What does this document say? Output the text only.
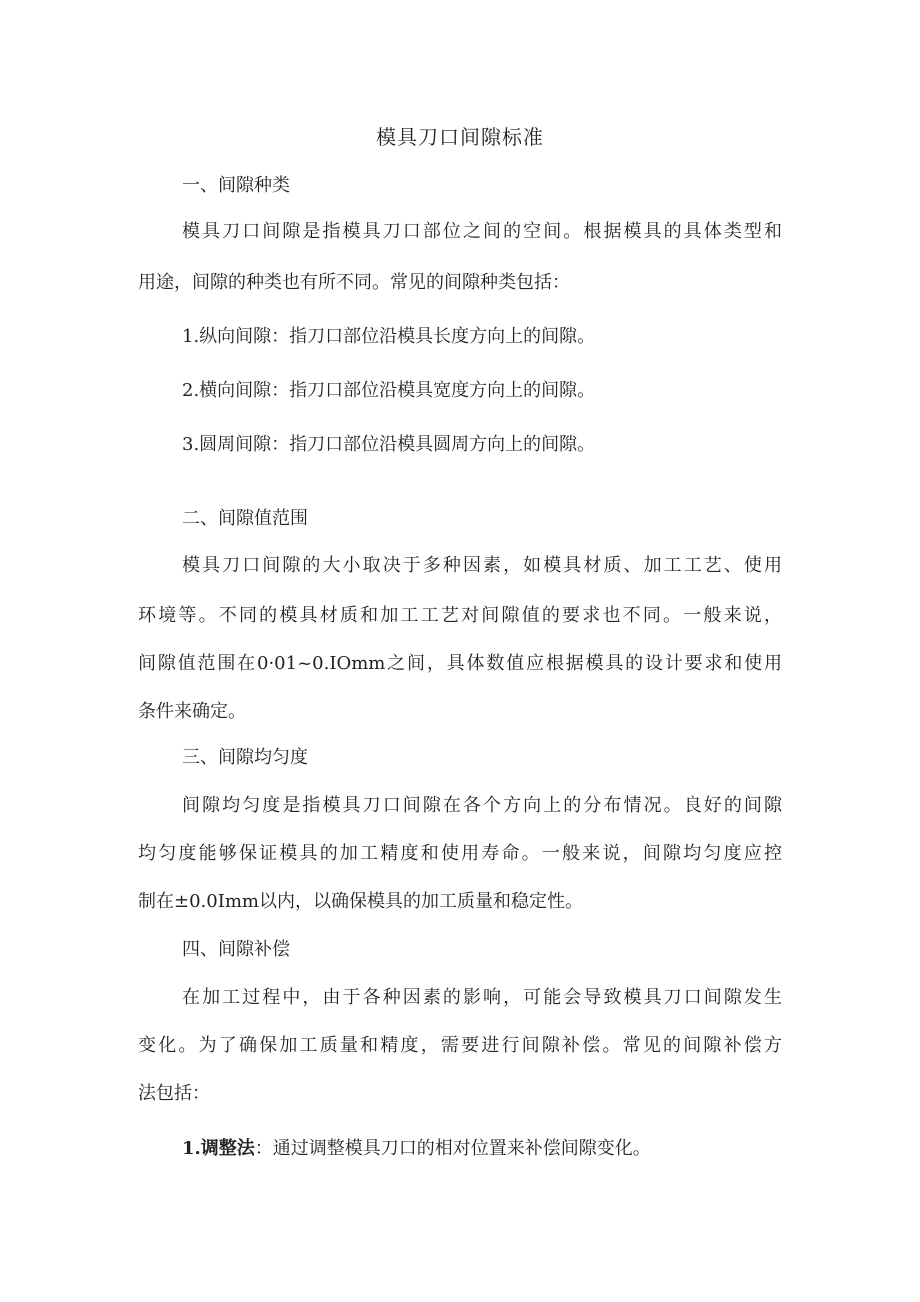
模具刀口间隙标准
一、间隙种类
模具刀口间隙是指模具刀口部位之间的空间。根据模具的具体类型和
用途，间隙的种类也有所不同。常见的间隙种类包括：
1.纵向间隙：指刀口部位沿模具长度方向上的间隙。
2.横向间隙：指刀口部位沿模具宽度方向上的间隙。
3.圆周间隙：指刀口部位沿模具圆周方向上的间隙。
二、间隙值范围
模具刀口间隙的大小取决于多种因素，如模具材质、加工工艺、使用
环境等。不同的模具材质和加工工艺对间隙值的要求也不同。一般来说，
间隙值范围在0·01~0.IOmm之间，具体数值应根据模具的设计要求和使用
条件来确定。
三、间隙均匀度
间隙均匀度是指模具刀口间隙在各个方向上的分布情况。良好的间隙
均匀度能够保证模具的加工精度和使用寿命。一般来说，间隙均匀度应控
制在±0.0Imm以内，以确保模具的加工质量和稳定性。
四、间隙补偿
在加工过程中，由于各种因素的影响，可能会导致模具刀口间隙发生
变化。为了确保加工质量和精度，需要进行间隙补偿。常见的间隙补偿方
法包括：
1.调整法：通过调整模具刀口的相对位置来补偿间隙变化。
